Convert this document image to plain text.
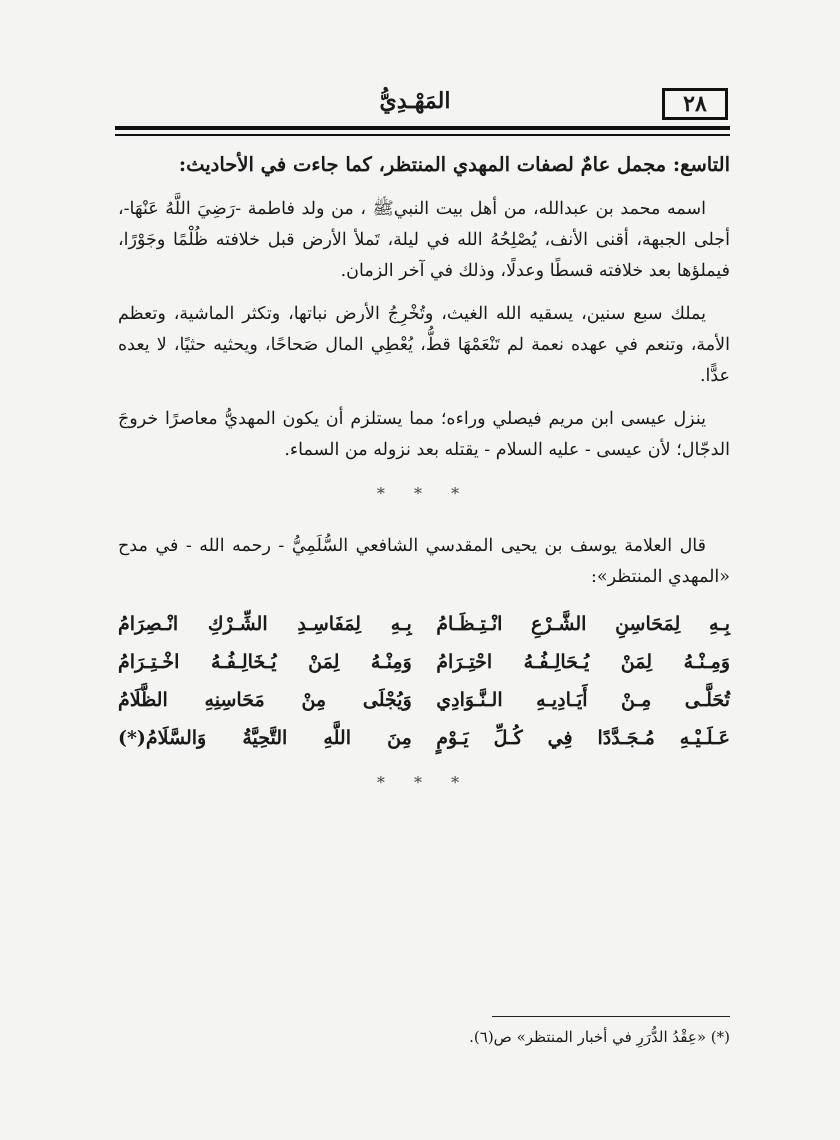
٢٨
المَهْـدِيُّ
التاسع: مجمل عامٌ لصفات المهدي المنتظر، كما جاءت في الأحاديث:

اسمه محمد بن عبدالله، من أهل بيت النبيﷺ ، من ولد فاطمة -رَضِيَ اللَّهُ عَنْهَا-، أجلى الجبهة، أقنى الأنف، يُصْلِحُهُ الله في ليلة، تَملأ الأرض قبل خلافته ظُلْمًا وجَوْرًا، فيملؤها بعد خلافته قسطًا وعدلًا، وذلك في آخر الزمان.

يملك سبع سنين، يسقيه الله الغيث، وتُخْرِجُ الأرض نباتها، وتكثر الماشية، وتعظم الأمة، وتنعم في عهده نعمة لم تَنْعَمْهَا قطُّ، يُعْطِي المال صَحاحًا، ويحثيه حثيًا، لا يعده عدًّا.

ينزل عيسى ابن مريم فيصلي وراءه؛ مما يستلزم أن يكون المهديُّ معاصرًا خروجَ الدجّال؛ لأن عيسى - عليه السلام - يقتله بعد نزوله من السماء.

* * *

قال العلامة يوسف بن يحيى المقدسي الشافعي السُّلَمِيُّ - رحمه الله - في مدح «المهدي المنتظر»:

بِـهِ لِمَحَاسِنِ الشَّـرْعِ انْـتِـظَـامُ
بِـهِ لِمَفَاسِـدِ الشِّـرْكِ انْـصِرَامُ
وَمِـنْـهُ لِمَنْ يُـحَالِـفُـهُ احْتِـرَامُ
وَمِنْـهُ لِمَنْ يُـخَالِـفُـهُ اخْـتِـرَامُ
تُحَلَّـى مِـنْ أَيَـادِيـهِ الـنَّـوَادِي
وَيُجْلَى مِنْ مَحَاسِنِهِ الظَّلَامُ
عَـلَـيْـهِ مُـجَـدَّدًا فِي كُـلِّ يَـوْمٍ
مِنَ اللَّهِ التَّحِيَّةُ وَالسَّلَامُ(*)
* * *
(*) «عِقْدُ الدُّرَرِ في أخبار المنتظر» ص(٦).
